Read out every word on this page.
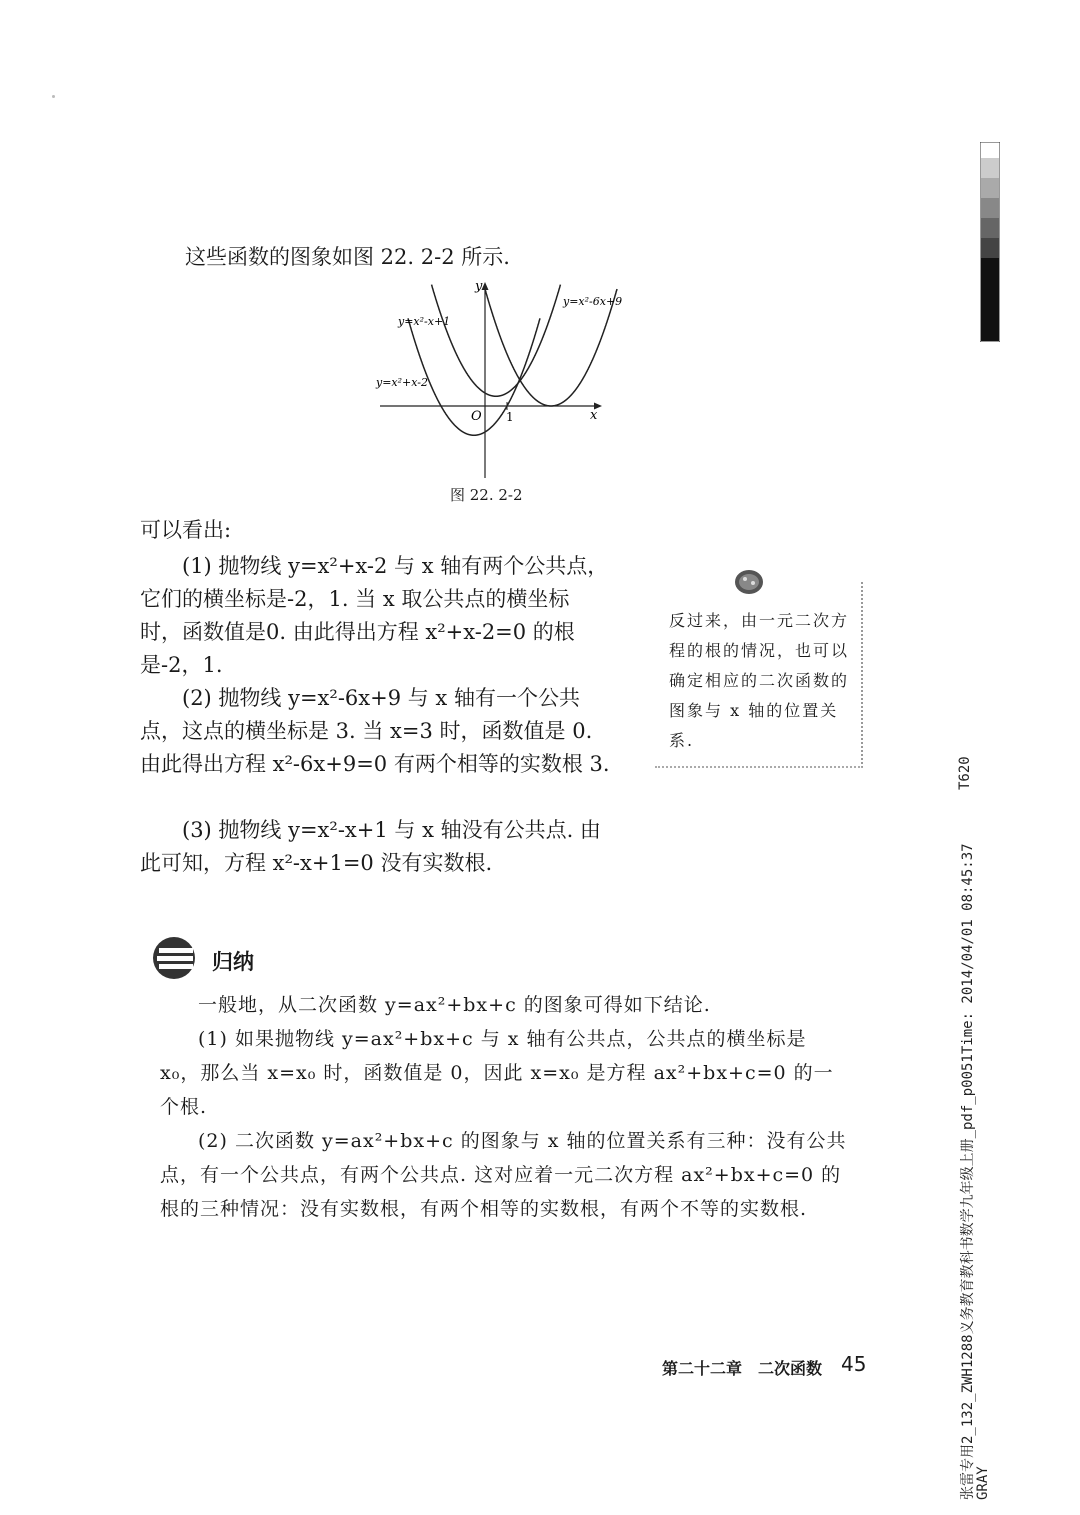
这些函数的图象如图 22. 2-2 所示.
y
x
O 1
y=x²-x+1
y=x²+x-2
y=x²-6x+9
图 22. 2-2

可以看出:

(1) 抛物线 y=x²+x-2 与 x 轴有两个公共点，它们的横坐标是-2，1. 当 x 取公共点的横坐标时，函数值是0. 由此得出方程 x²+x-2=0 的根是-2，1.

(2) 抛物线 y=x²-6x+9 与 x 轴有一个公共点，这点的横坐标是 3. 当 x=3 时，函数值是 0. 由此得出方程 x²-6x+9=0 有两个相等的实数根 3.

(3) 抛物线 y=x²-x+1 与 x 轴没有公共点. 由此可知，方程 x²-x+1=0 没有实数根.

反过来，由一元二次方程的根的情况，也可以确定相应的二次函数的图象与 x 轴的位置关系.
归纳

一般地，从二次函数 y=ax²+bx+c 的图象可得如下结论.

(1) 如果抛物线 y=ax²+bx+c 与 x 轴有公共点，公共点的横坐标是 x₀，那么当 x=x₀ 时，函数值是 0，因此 x=x₀ 是方程 ax²+bx+c=0 的一个根.

(2) 二次函数 y=ax²+bx+c 的图象与 x 轴的位置关系有三种：没有公共点，有一个公共点，有两个公共点. 这对应着一元二次方程 ax²+bx+c=0 的根的三种情况：没有实数根，有两个相等的实数根，有两个不等的实数根.

第二十二章　二次函数 45
T620
张雷专用2_132_ZWH1288义务教育教科书数学九年级上册_pdf_p0051Time: 2014/04/01 08:45:37 GRAY
